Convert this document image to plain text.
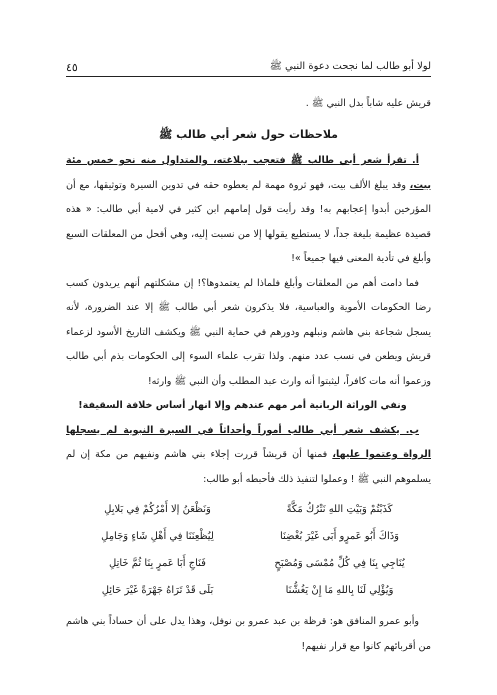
لولا أبو طالب لما نجحت دعوة النبي ﷺ
٤٥

قريش عليه شاباً بدل النبي ﷺ .

ملاحظات حول شعر أبي طالب ﷺ

أ. تقرأ شعر أبي طالب ﷺ فتعجب ببلاغته، والمتداول منه نحو خمس مئة بيت، وقد يبلغ الألف بيت، فهو ثروة مهمة لم يعطوه حقه في تدوين السيرة وتوثيقها، مع أن المؤرخين أبدوا إعجابهم به! وقد رأيت قول إمامهم ابن كثير في لامية أبي طالب: « هذه قصيدة عظيمة بليغة جداً، لا يستطيع يقولها إلا من نسبت إليه، وهي أفحل من المعلقات السبع وأبلغ في تأدية المعنى فيها جميعاً »!

فما دامت أهم من المعلقات وأبلغ فلماذا لم يعتمدوها؟! إن مشكلتهم أنهم يريدون كسب رضا الحكومات الأموية والعباسية، فلا يذكرون شعر أبي طالب ﷺ إلا عند الضرورة، لأنه يسجل شجاعة بني هاشم ونبلهم ودورهم في حماية النبي ﷺ ويكشف التاريخ الأسود لزعماء قريش ويطعن في نسب عدد منهم. ولذا تقرب علماء السوء إلى الحكومات بذم أبي طالب وزعموا أنه مات كافراً، ليثبتوا أنه وارث عبد المطلب وأن النبي ﷺ وارثه!

ونفي الوراثة الربانية أمر مهم عندهم وإلا انهار أساس خلافة السقيفة!

ب. يكشف شعر أبي طالب أموراً وأحداثاً في السيرة النبوية لم يسجلها الرواة وعتموا عليها، فمنها أن قريشاً قررت إجلاء بني هاشم ونفيهم من مكة إن لم يسلموهم النبي ﷺ ! وعملوا لتنفيذ ذلك فأحبطه أبو طالب:

كَذَبْتُمْ وَبَيْتِ اللهِ نَتْرُكُ مَكَّةً
وَنَظْعَنُ إلا أَمْرُكُمْ فِي بَلابِلِ
وَذَاكَ أَبُو عَمرٍو أَبَى غَيْرَ بُغْضِنَا
لِيُظْعِنَنَا فِي أَهْلِ شَاءٍ وَجَامِلِ
يُنَاجِي بِنَا فِي كُلِّ مُمْسَى وَمُصْبَحٍ
فَنَاجِ أَبَا عَمرٍ بِنَا ثُمَّ خَاتِلِ
وَيُؤْلِي لَنَا بِاللهِ مَا إِنْ يَغُشُّنَا
بَلَى قَدْ تَرَاهُ جَهْرَةً غَيْرَ حَائِلِ

وأبو عمرو المنافق هو: قرظة بن عبد عمرو بن نوفل، وهذا يدل على أن حساداً بني هاشم من أقربائهم كانوا مع قرار نفيهم!
